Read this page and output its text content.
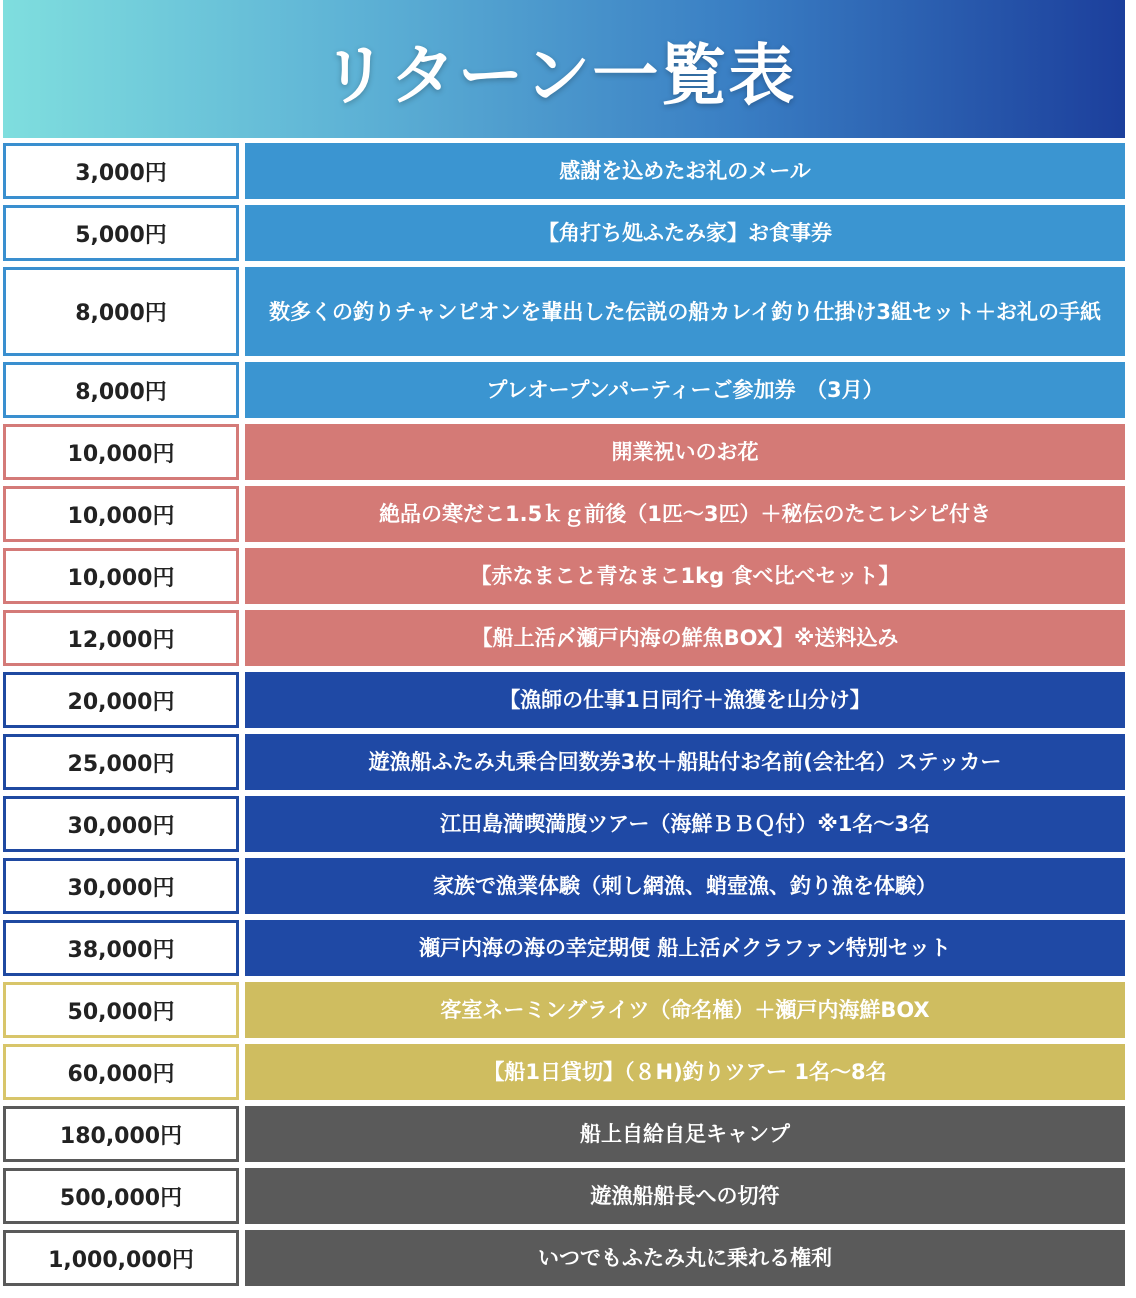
リターン一覧表
3,000円	感謝を込めたお礼のメール
5,000円	【角打ち処ふたみ家】お食事券
8,000円	数多くの釣りチャンピオンを輩出した伝説の船カレイ釣り仕掛け3組セット＋お礼の手紙
8,000円	プレオープンパーティーご参加券　（3月）
10,000円	開業祝いのお花
10,000円	絶品の寒だこ1.5ｋｇ前後（1匹～3匹）＋秘伝のたこレシピ付き
10,000円	【赤なまこと青なまこ1kg 食べ比べセット】
12,000円	【船上活〆瀬戸内海の鮮魚BOX】※送料込み
20,000円	【漁師の仕事1日同行＋漁獲を山分け】
25,000円	遊漁船ふたみ丸乗合回数券3枚＋船貼付お名前(会社名）ステッカー
30,000円	江田島満喫満腹ツアー（海鮮ＢＢＱ付）※1名～3名
30,000円	家族で漁業体験（刺し網漁、蛸壺漁、釣り漁を体験）
38,000円	瀬戸内海の海の幸定期便 船上活〆クラファン特別セット
50,000円	客室ネーミングライツ（命名権）＋瀬戸内海鮮BOX
60,000円	【船1日貸切】（８H)釣りツアー 1名～8名
180,000円	船上自給自足キャンプ
500,000円	遊漁船船長への切符
1,000,000円	いつでもふたみ丸に乗れる権利
